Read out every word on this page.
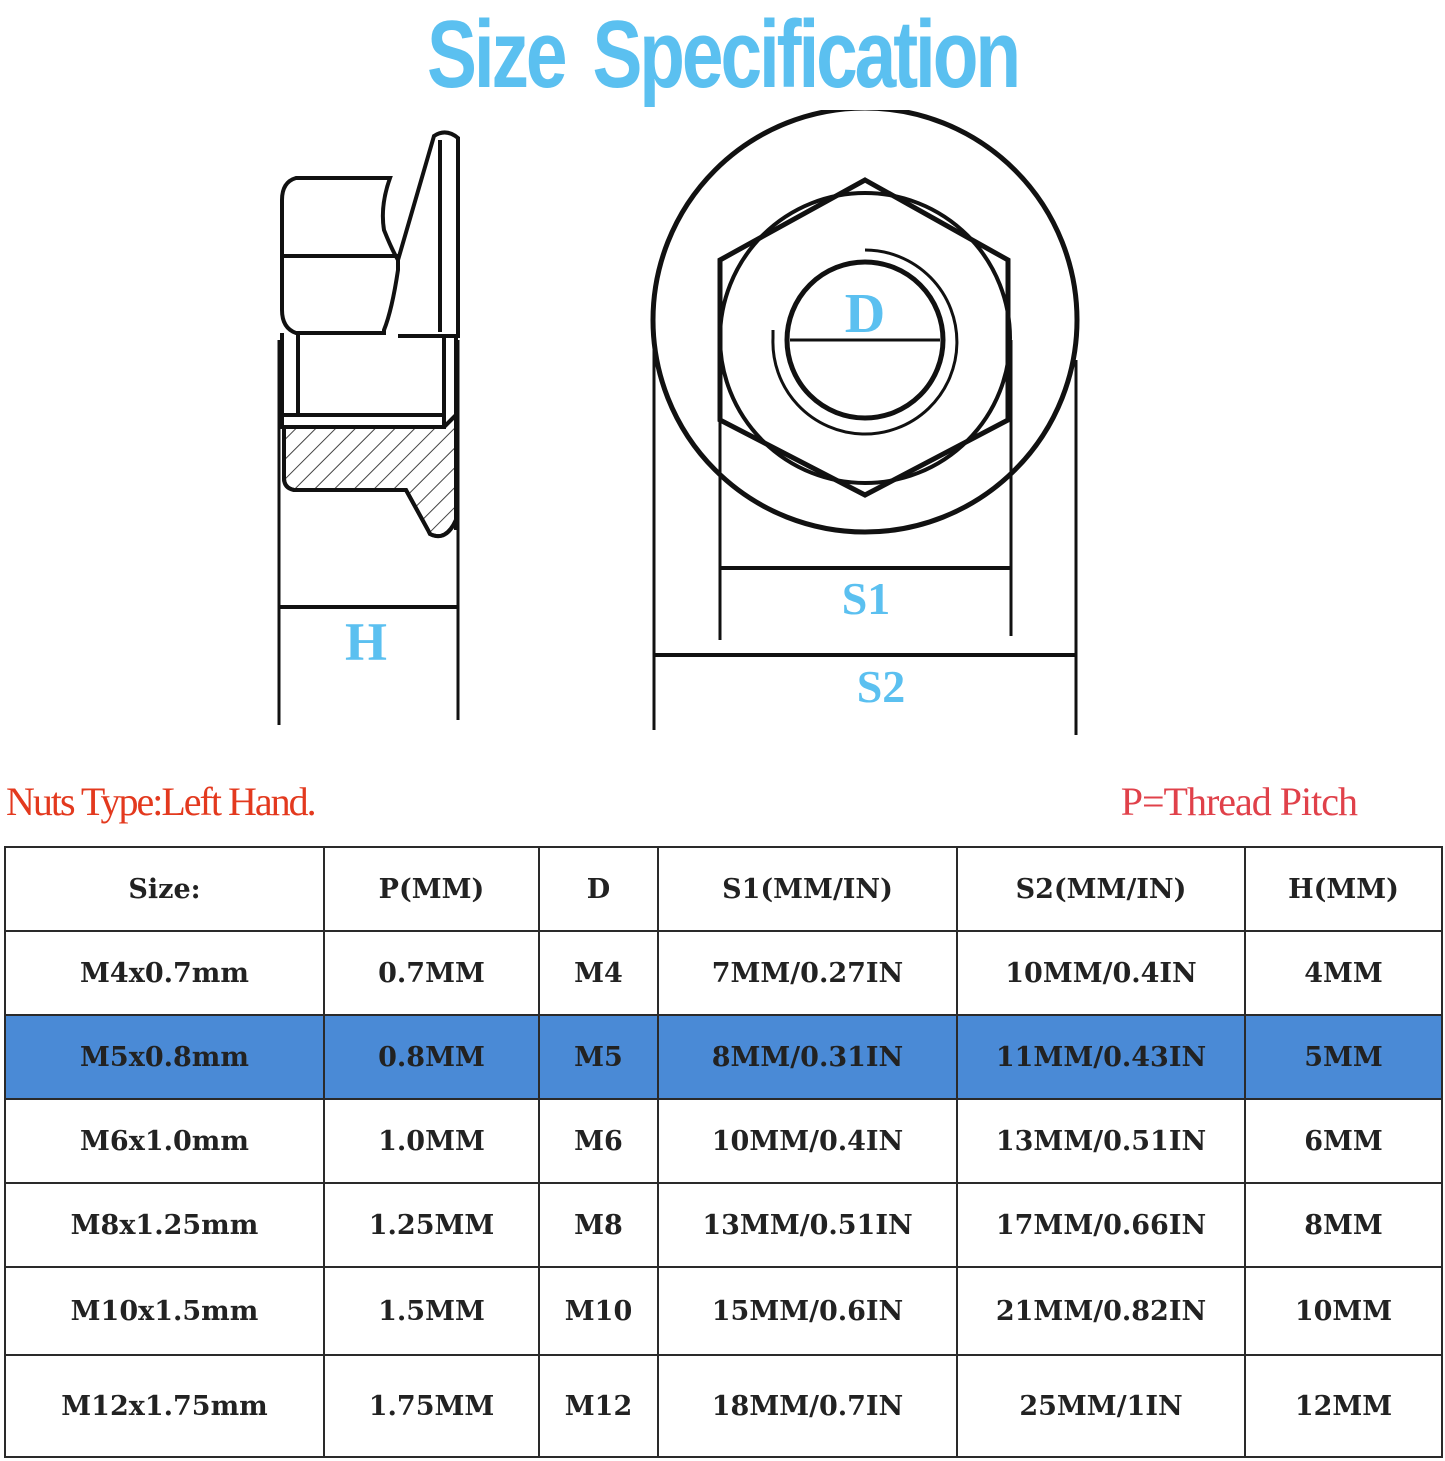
Size Specification
D
S1
S2
H
Nuts Type:Left Hand.	P=Thread Pitch
Size:	P(MM)	D	S1(MM/IN)	S2(MM/IN)	H(MM)
M4x0.7mm	0.7MM	M4	7MM/0.27IN	10MM/0.4IN	4MM
M5x0.8mm	0.8MM	M5	8MM/0.31IN	11MM/0.43IN	5MM
M6x1.0mm	1.0MM	M6	10MM/0.4IN	13MM/0.51IN	6MM
M8x1.25mm	1.25MM	M8	13MM/0.51IN	17MM/0.66IN	8MM
M10x1.5mm	1.5MM	M10	15MM/0.6IN	21MM/0.82IN	10MM
M12x1.75mm	1.75MM	M12	18MM/0.7IN	25MM/1IN	12MM
